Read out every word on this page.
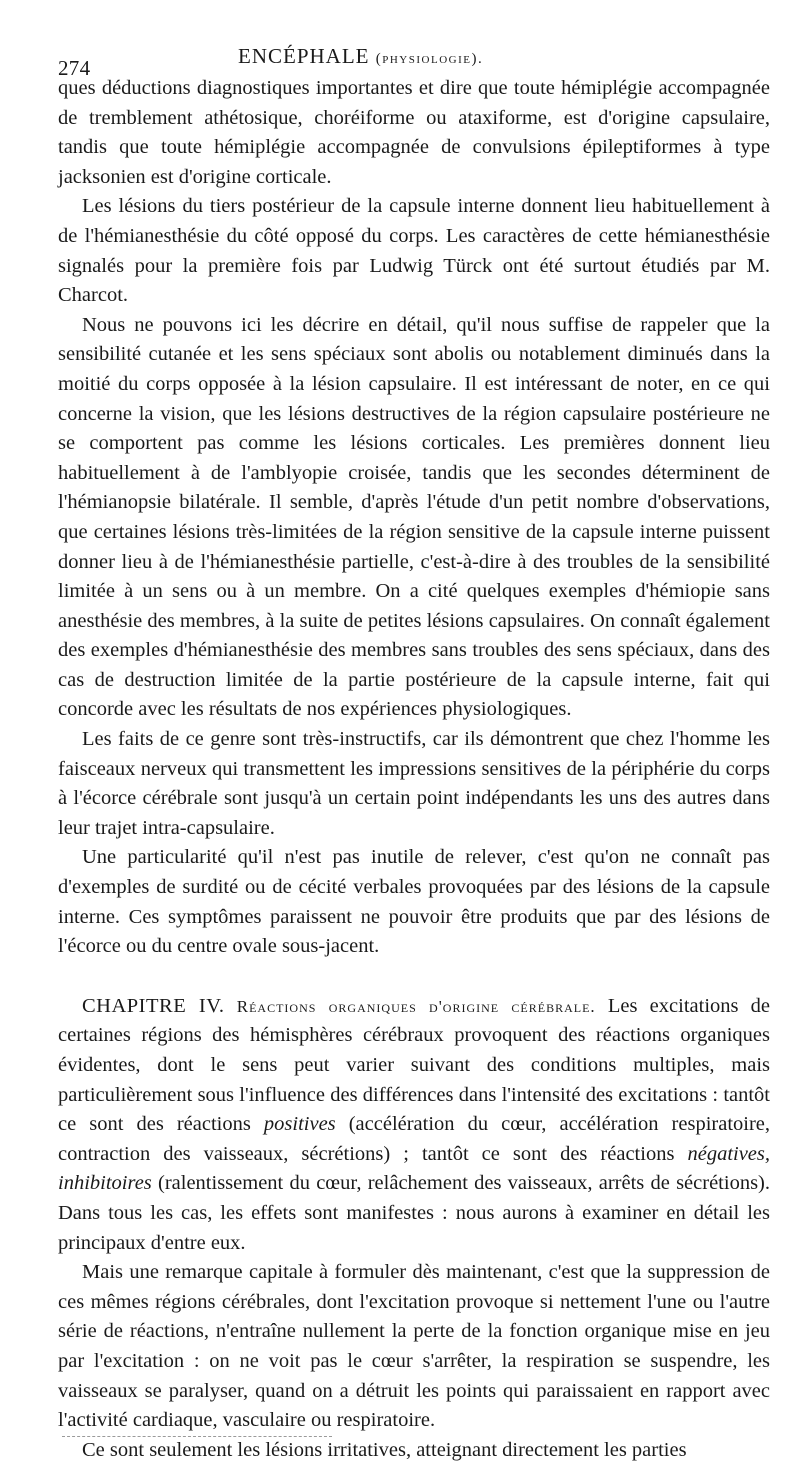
274	ENCÉPHALE (physiologie).

ques déductions diagnostiques importantes et dire que toute hémiplégie accompagnée de tremblement athétosique, choréiforme ou ataxiforme, est d'origine capsulaire, tandis que toute hémiplégie accompagnée de convulsions épileptiformes à type jacksonien est d'origine corticale.

Les lésions du tiers postérieur de la capsule interne donnent lieu habituellement à de l'hémianesthésie du côté opposé du corps. Les caractères de cette hémianesthésie signalés pour la première fois par Ludwig Türck ont été surtout étudiés par M. Charcot.

Nous ne pouvons ici les décrire en détail, qu'il nous suffise de rappeler que la sensibilité cutanée et les sens spéciaux sont abolis ou notablement diminués dans la moitié du corps opposée à la lésion capsulaire. Il est intéressant de noter, en ce qui concerne la vision, que les lésions destructives de la région capsulaire postérieure ne se comportent pas comme les lésions corticales. Les premières donnent lieu habituellement à de l'amblyopie croisée, tandis que les secondes déterminent de l'hémianopsie bilatérale. Il semble, d'après l'étude d'un petit nombre d'observations, que certaines lésions très-limitées de la région sensitive de la capsule interne puissent donner lieu à de l'hémianesthésie partielle, c'est-à-dire à des troubles de la sensibilité limitée à un sens ou à un membre. On a cité quelques exemples d'hémiopie sans anesthésie des membres, à la suite de petites lésions capsulaires. On connaît également des exemples d'hémianesthésie des membres sans troubles des sens spéciaux, dans des cas de destruction limitée de la partie postérieure de la capsule interne, fait qui concorde avec les résultats de nos expériences physiologiques.

Les faits de ce genre sont très-instructifs, car ils démontrent que chez l'homme les faisceaux nerveux qui transmettent les impressions sensitives de la périphérie du corps à l'écorce cérébrale sont jusqu'à un certain point indépendants les uns des autres dans leur trajet intra-capsulaire.

Une particularité qu'il n'est pas inutile de relever, c'est qu'on ne connaît pas d'exemples de surdité ou de cécité verbales provoquées par des lésions de la capsule interne. Ces symptômes paraissent ne pouvoir être produits que par des lésions de l'écorce ou du centre ovale sous-jacent.

CHAPITRE IV. Réactions organiques d'origine cérébrale. Les excitations de certaines régions des hémisphères cérébraux provoquent des réactions organiques évidentes, dont le sens peut varier suivant des conditions multiples, mais particulièrement sous l'influence des différences dans l'intensité des excitations : tantôt ce sont des réactions positives (accélération du cœur, accélération respiratoire, contraction des vaisseaux, sécrétions) ; tantôt ce sont des réactions négatives, inhibitoires (ralentissement du cœur, relâchement des vaisseaux, arrêts de sécrétions). Dans tous les cas, les effets sont manifestes : nous aurons à examiner en détail les principaux d'entre eux.

Mais une remarque capitale à formuler dès maintenant, c'est que la suppression de ces mêmes régions cérébrales, dont l'excitation provoque si nettement l'une ou l'autre série de réactions, n'entraîne nullement la perte de la fonction organique mise en jeu par l'excitation : on ne voit pas le cœur s'arrêter, la respiration se suspendre, les vaisseaux se paralyser, quand on a détruit les points qui paraissaient en rapport avec l'activité cardiaque, vasculaire ou respiratoire.

Ce sont seulement les lésions irritatives, atteignant directement les parties
